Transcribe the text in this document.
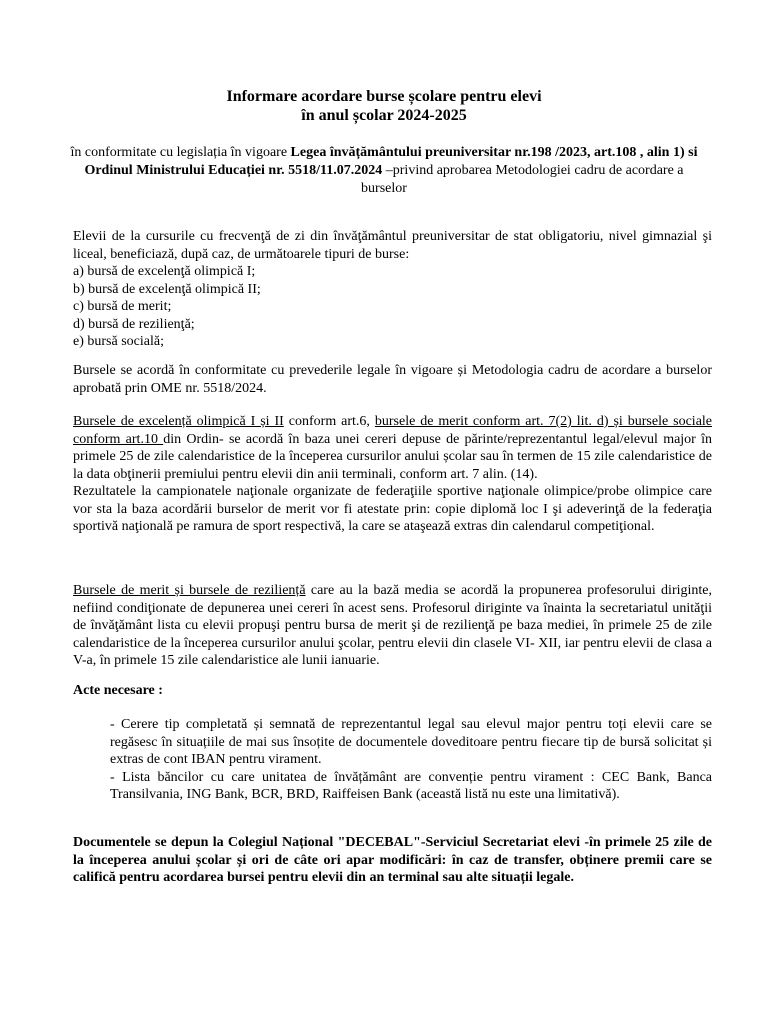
Informare acordare burse școlare pentru elevi
în anul școlar 2024-2025
în conformitate cu legislația în vigoare Legea învățământului preuniversitar nr.198 /2023, art.108 , alin 1) si Ordinul Ministrului Educației nr. 5518/11.07.2024 –privind aprobarea Metodologiei cadru de acordare a burselor

Elevii de la cursurile cu frecvenţă de zi din învăţământul preuniversitar de stat obligatoriu, nivel gimnazial şi liceal, beneficiază, după caz, de următoarele tipuri de burse:

a) bursă de excelenţă olimpică I;
b) bursă de excelenţă olimpică II;
c) bursă de merit;
d) bursă de rezilienţă;
e) bursă socială;

Bursele se acordă în conformitate cu prevederile legale în vigoare și Metodologia cadru de acordare a burselor aprobată prin OME nr. 5518/2024.

Bursele de excelență olimpică I și II conform art.6, bursele de merit conform art. 7(2) lit. d) și bursele sociale conform art.10 din Ordin- se acordă în baza unei cereri depuse de părinte/reprezentantul legal/elevul major în primele 25 de zile calendaristice de la începerea cursurilor anului școlar sau în termen de 15 zile calendaristice de la data obţinerii premiului pentru elevii din anii terminali, conform art. 7 alin. (14).

Rezultatele la campionatele naţionale organizate de federaţiile sportive naţionale olimpice/probe olimpice care vor sta la baza acordării burselor de merit vor fi atestate prin: copie diplomă loc I şi adeverinţă de la federaţia sportivă naţională pe ramura de sport respectivă, la care se ataşează extras din calendarul competiţional.

Bursele de merit și bursele de reziliență care au la bază media se acordă la propunerea profesorului diriginte, nefiind condiţionate de depunerea unei cereri în acest sens. Profesorul diriginte va înainta la secretariatul unităţii de învăţământ lista cu elevii propuşi pentru bursa de merit şi de rezilienţă pe baza mediei, în primele 25 de zile calendaristice de la începerea cursurilor anului şcolar, pentru elevii din clasele VI- XII, iar pentru elevii de clasa a V-a, în primele 15 zile calendaristice ale lunii ianuarie.

Acte necesare :

- Cerere tip completată și semnată de reprezentantul legal sau elevul major pentru toți elevii care se regăsesc în situațiile de mai sus însoțite de documentele doveditoare pentru fiecare tip de bursă solicitat și extras de cont IBAN pentru virament.

- Lista băncilor cu care unitatea de învățământ are convenție pentru virament : CEC Bank, Banca Transilvania, ING Bank, BCR, BRD, Raiffeisen Bank (această listă nu este una limitativă).

Documentele se depun la Colegiul Național "DECEBAL"-Serviciul Secretariat elevi -în primele 25 zile de la începerea anului școlar și ori de câte ori apar modificări: în caz de transfer, obținere premii care se califică pentru acordarea bursei pentru elevii din an terminal sau alte situații legale.
